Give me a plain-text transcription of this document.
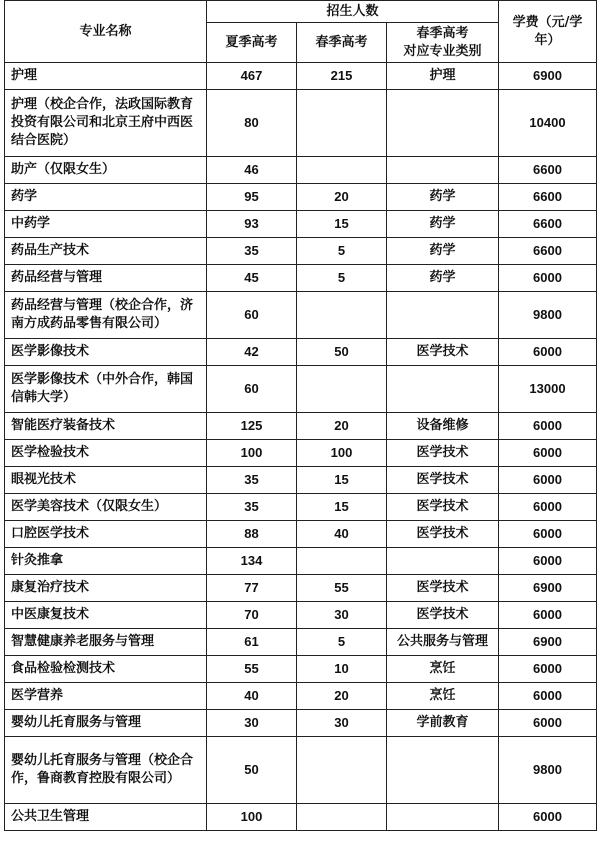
专业名称	招生人数			学费（元/学年）
	夏季高考	春季高考	春季高考
对应专业类别	
护理	467	215	护理	6900
护理（校企合作，法政国际教育投资有限公司和北京王府中西医结合医院）	80			10400
助产（仅限女生）	46			6600
药学	95	20	药学	6600
中药学	93	15	药学	6600
药品生产技术	35	5	药学	6600
药品经营与管理	45	5	药学	6000
药品经营与管理（校企合作，济南方成药品零售有限公司）	60			9800
医学影像技术	42	50	医学技术	6000
医学影像技术（中外合作，韩国信韩大学）	60			13000
智能医疗装备技术	125	20	设备维修	6000
医学检验技术	100	100	医学技术	6000
眼视光技术	35	15	医学技术	6000
医学美容技术（仅限女生）	35	15	医学技术	6000
口腔医学技术	88	40	医学技术	6000
针灸推拿	134			6000
康复治疗技术	77	55	医学技术	6900
中医康复技术	70	30	医学技术	6000
智慧健康养老服务与管理	61	5	公共服务与管理	6900
食品检验检测技术	55	10	烹饪	6000
医学营养	40	20	烹饪	6000
婴幼儿托育服务与管理	30	30	学前教育	6000
婴幼儿托育服务与管理（校企合作，鲁商教育控股有限公司）	50			9800
公共卫生管理	100			6000
